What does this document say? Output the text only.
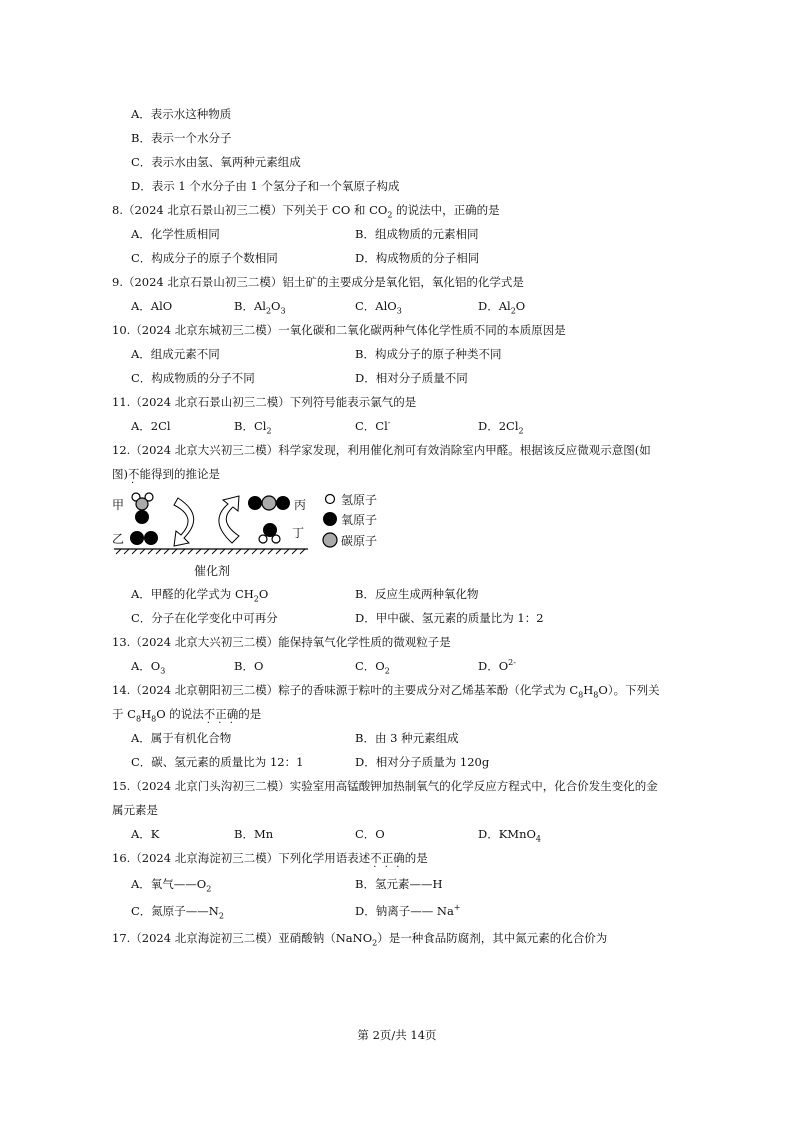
A．表示水这种物质
B．表示一个水分子
C．表示水由氢、氧两种元素组成
D．表示 1 个水分子由 1 个氢分子和一个氧原子构成
8.（2024 北京石景山初三二模）下列关于 CO 和 $CO_2$ 的说法中，正确的是
A．化学性质相同	B．组成物质的元素相同
C．构成分子的原子个数相同	D．构成物质的分子相同
9.（2024 北京石景山初三二模）铝土矿的主要成分是氧化铝，氧化铝的化学式是
A．AlO	B．$Al_2O_3$	C．AlO$_3$	D．$Al_2O$
10.（2024 北京东城初三二模）一氧化碳和二氧化碳两种气体化学性质不同的本质原因是
A．组成元素不同	B．构成分子的原子种类不同
C．构成物质的分子不同	D．相对分子质量不同
11.（2024 北京石景山初三二模）下列符号能表示氯气的是
A．2Cl	B．$Cl_2$	C．Cl-	D．$2Cl_2$
12.（2024 北京大兴初三二模）科学家发现，利用催化剂可有效消除室内甲醛。根据该反应微观示意图(如
图)不能得到的推论是
甲
乙
丙
丁
氢原子
氧原子
碳原子
催化剂
A．甲醛的化学式为 $CH_2O$	B．反应生成两种氧化物
C．分子在化学变化中可再分	D．甲中碳、氢元素的质量比为 1：2
13.（2024 北京大兴初三二模）能保持氧气化学性质的微观粒子是
A．$O_3$	B．O	C．$O_2$	D．$O^{2-}$
14.（2024 北京朝阳初三二模）粽子的香味源于粽叶的主要成分对乙烯基苯酚（化学式为 $C_8H_8O$）。下列关
于 $C_8H_8O$ 的说法不正确的是
A．属于有机化合物	B．由 3 种元素组成
C．碳、氢元素的质量比为 12：1	D．相对分子质量为 120g
15.（2024 北京门头沟初三二模）实验室用高锰酸钾加热制氧气的化学反应方程式中，化合价发生变化的金
属元素是
A．K	B．Mn	C．O	D．KMnO$_4$
16.（2024 北京海淀初三二模）下列化学用语表述不正确的是
A．氧气$——O_2$	B．氢元素——H
C．氮原子$——N_2$	D．钠离子—— Na+
17.（2024 北京海淀初三二模）亚硝酸钠（NaNO$_2$）是一种食品防腐剂，其中氮元素的化合价为
第 2页/共 14页
